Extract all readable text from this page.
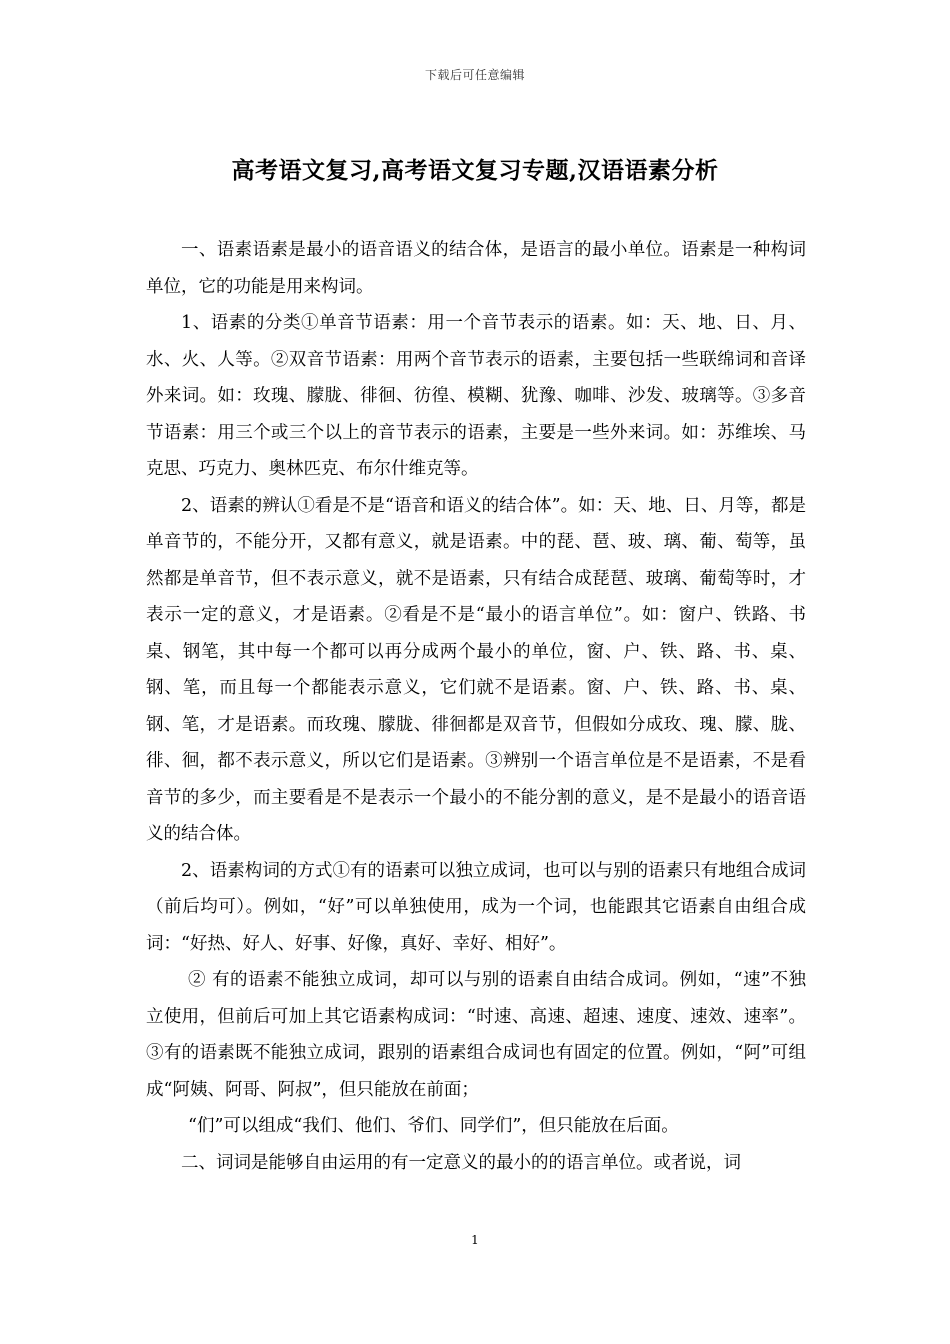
下载后可任意编辑
高考语文复习,高考语文复习专题,汉语语素分析

一、语素语素是最小的语音语义的结合体，是语言的最小单位。语素是一种构词单位，它的功能是用来构词。

1、语素的分类①单音节语素：用一个音节表示的语素。如：天、地、日、月、水、火、人等。②双音节语素：用两个音节表示的语素，主要包括一些联绵词和音译外来词。如：玫瑰、朦胧、徘徊、彷徨、模糊、犹豫、咖啡、沙发、玻璃等。③多音节语素：用三个或三个以上的音节表示的语素，主要是一些外来词。如：苏维埃、马克思、巧克力、奥林匹克、布尔什维克等。

2、语素的辨认①看是不是“语音和语义的结合体”。如：天、地、日、月等，都是单音节的，不能分开，又都有意义，就是语素。中的琵、琶、玻、璃、葡、萄等，虽然都是单音节，但不表示意义，就不是语素，只有结合成琵琶、玻璃、葡萄等时，才表示一定的意义，才是语素。②看是不是“最小的语言单位”。如：窗户、铁路、书桌、钢笔，其中每一个都可以再分成两个最小的单位，窗、户、铁、路、书、桌、钢、笔，而且每一个都能表示意义，它们就不是语素。窗、户、铁、路、书、桌、钢、笔，才是语素。而玫瑰、朦胧、徘徊都是双音节，但假如分成玫、瑰、朦、胧、徘、徊，都不表示意义，所以它们是语素。③辨别一个语言单位是不是语素，不是看音节的多少，而主要看是不是表示一个最小的不能分割的意义，是不是最小的语音语义的结合体。

2、语素构词的方式①有的语素可以独立成词，也可以与别的语素只有地组合成词（前后均可）。例如，“好”可以单独使用，成为一个词，也能跟其它语素自由组合成词：“好热、好人、好事、好像，真好、幸好、相好”。

② 有的语素不能独立成词，却可以与别的语素自由结合成词。例如，“速”不独立使用，但前后可加上其它语素构成词：“时速、高速、超速、速度、速效、速率”。③有的语素既不能独立成词，跟别的语素组合成词也有固定的位置。例如，“阿”可组成“阿姨、阿哥、阿叔”，但只能放在前面；

“们”可以组成“我们、他们、爷们、同学们”，但只能放在后面。

二、词词是能够自由运用的有一定意义的最小的的语言单位。或者说，词

1
